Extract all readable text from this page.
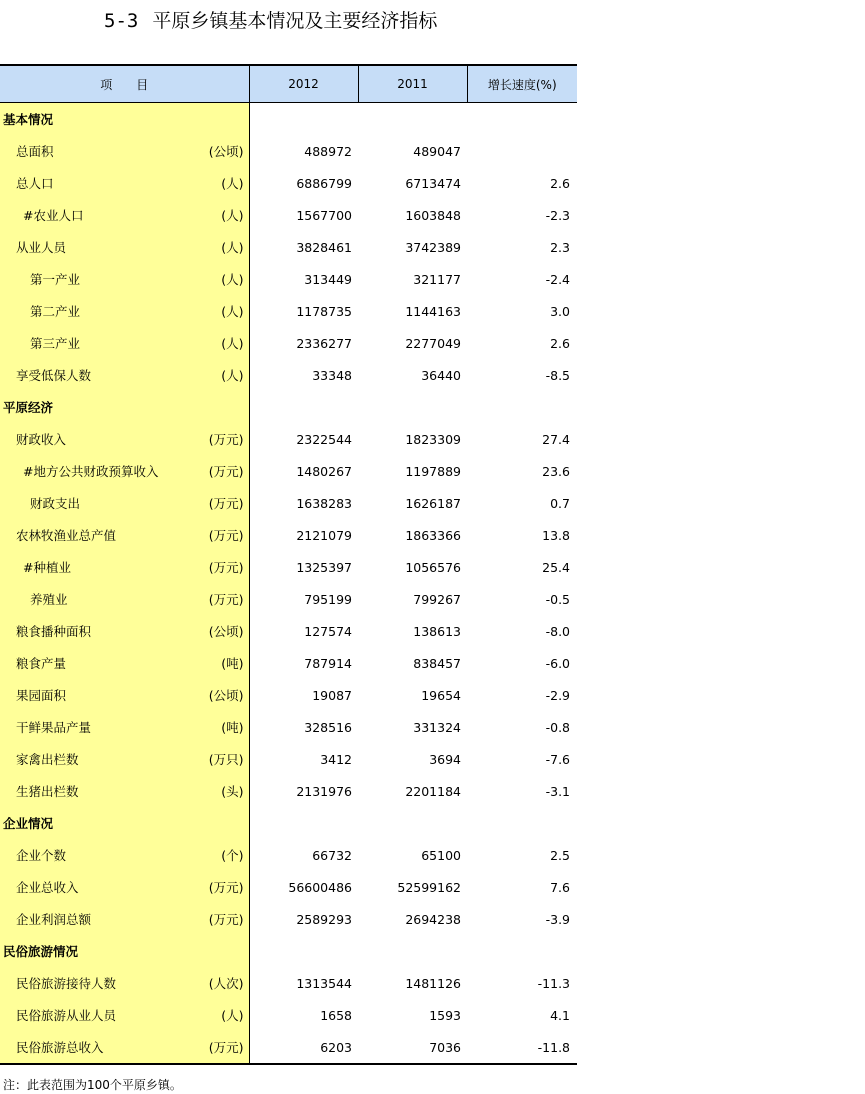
5-3 平原乡镇基本情况及主要经济指标
项　　目	2012	2011	增长速度(%)

基本情况			

总面积 (公顷)	488972	489047	

总人口 (人)	6886799	6713474	2.6

#农业人口 (人)	1567700	1603848	-2.3

从业人员 (人)	3828461	3742389	2.3

第一产业 (人)	313449	321177	-2.4

第二产业 (人)	1178735	1144163	3.0

第三产业 (人)	2336277	2277049	2.6

享受低保人数 (人)	33348	36440	-8.5

平原经济			

财政收入 (万元)	2322544	1823309	27.4

#地方公共财政预算收入 (万元)	1480267	1197889	23.6

财政支出 (万元)	1638283	1626187	0.7

农林牧渔业总产值 (万元)	2121079	1863366	13.8

#种植业 (万元)	1325397	1056576	25.4

养殖业 (万元)	795199	799267	-0.5

粮食播种面积 (公顷)	127574	138613	-8.0

粮食产量 (吨)	787914	838457	-6.0

果园面积 (公顷)	19087	19654	-2.9

干鲜果品产量 (吨)	328516	331324	-0.8

家禽出栏数 (万只)	3412	3694	-7.6

生猪出栏数 (头)	2131976	2201184	-3.1

企业情况			

企业个数 (个)	66732	65100	2.5

企业总收入 (万元)	56600486	52599162	7.6

企业利润总额 (万元)	2589293	2694238	-3.9

民俗旅游情况			

民俗旅游接待人数 (人次)	1313544	1481126	-11.3

民俗旅游从业人员 (人)	1658	1593	4.1

民俗旅游总收入 (万元)	6203	7036	-11.8
注：此表范围为100个平原乡镇。
